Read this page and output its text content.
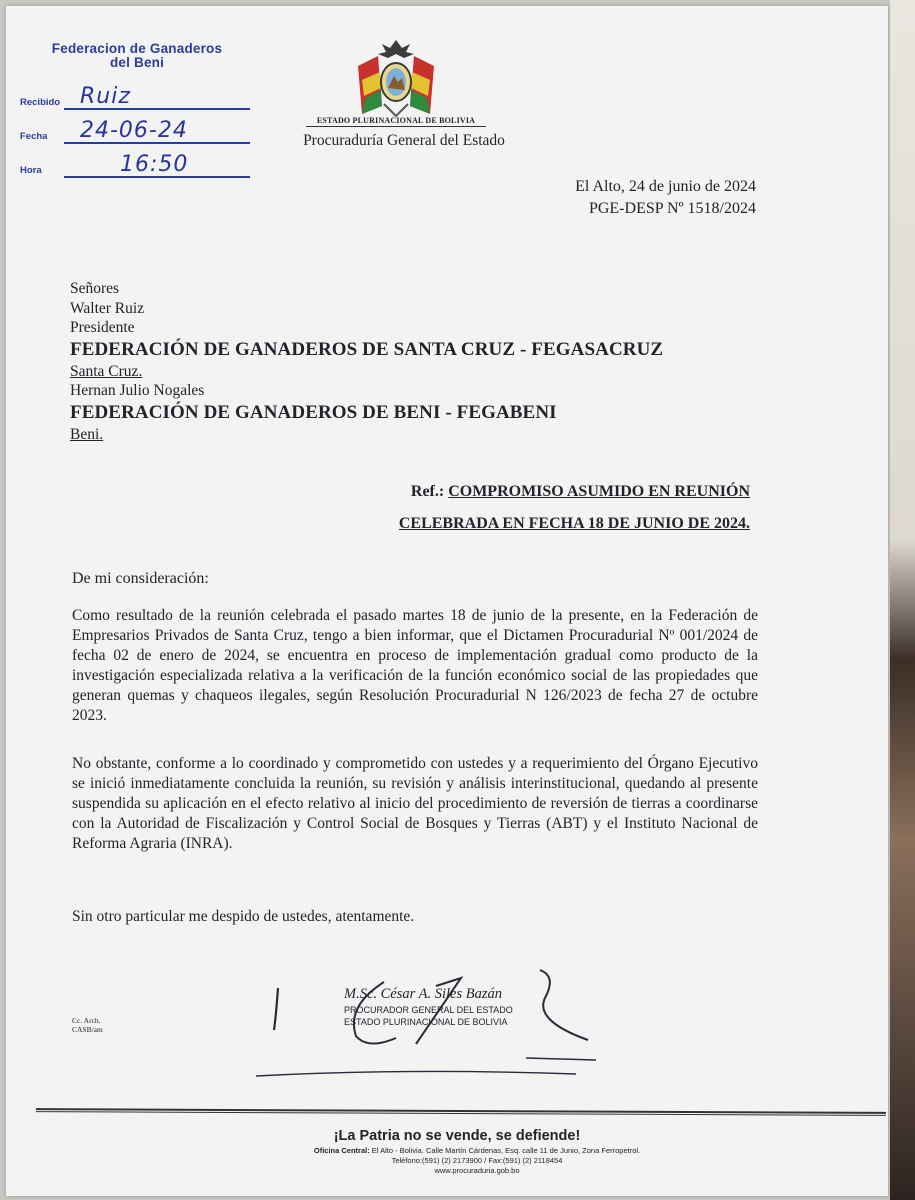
Federacion de Ganaderos
del Beni
Recibido Ruiz
Fecha 24-06-24
Hora	16:50
ESTADO PLURINACIONAL DE BOLIVIA
Procuraduría General del Estado
El Alto, 24 de junio de 2024
PGE-DESP Nº 1518/2024
Señores
Walter Ruiz
Presidente
FEDERACIÓN DE GANADEROS DE SANTA CRUZ - FEGASACRUZ
Santa Cruz.
Hernan Julio Nogales
FEDERACIÓN DE GANADEROS DE BENI - FEGABENI
Beni.
Ref.: COMPROMISO ASUMIDO EN REUNIÓN
CELEBRADA EN FECHA 18 DE JUNIO DE 2024.
De mi consideración:
Como resultado de la reunión celebrada el pasado martes 18 de junio de la presente, en la Federación de Empresarios Privados de Santa Cruz, tengo a bien informar, que el Dictamen Procuradurial Nº 001/2024 de fecha 02 de enero de 2024, se encuentra en proceso de implementación gradual como producto de la investigación especializada relativa a la verificación de la función económico social de las propiedades que generan quemas y chaqueos ilegales, según Resolución Procuradurial N 126/2023 de fecha 27 de octubre 2023.
No obstante, conforme a lo coordinado y comprometido con ustedes y a requerimiento del Órgano Ejecutivo se inició inmediatamente concluida la reunión, su revisión y análisis interinstitucional, quedando al presente suspendida su aplicación en el efecto relativo al inicio del procedimiento de reversión de tierras a coordinarse con la Autoridad de Fiscalización y Control Social de Bosques y Tierras (ABT) y el Instituto Nacional de Reforma Agraria (INRA).
Sin otro particular me despido de ustedes, atentamente.
Cc. Arch.
CASB/am
M.Sc. César A. Siles Bazán
PROCURADOR GENERAL DEL ESTADO
ESTADO PLURINACIONAL DE BOLIVIA
¡La Patria no se vende, se defiende!
Oficina Central: El Alto - Bolivia. Calle Martín Cárdenas, Esq. calle 11 de Junio, Zona Ferropetrol.
Teléfono:(591) (2) 2173900 / Fax:(591) (2) 2118454
www.procuraduria.gob.bo
